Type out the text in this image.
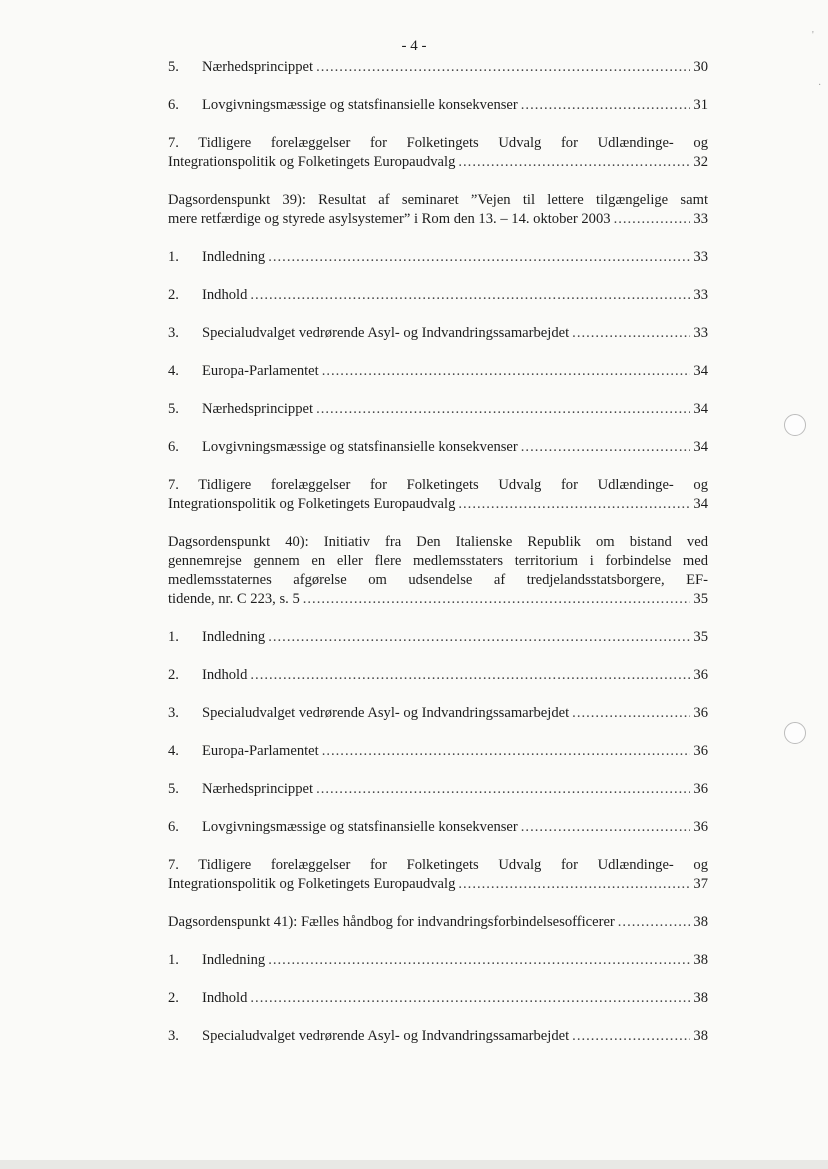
'
·
- 4 -
5.	Nærhedsprincippet .....	30
6.	Lovgivningsmæssige og statsfinansielle konsekvenser .....	31
7. Tidligere forelæggelser for Folketingets Udvalg for Udlændinge- og
Integrationspolitik og Folketingets Europaudvalg .....	32
Dagsordenspunkt 39): Resultat af seminaret ”Vejen til lettere tilgængelige samt
mere retfærdige og styrede asylsystemer” i Rom den 13. – 14. oktober 2003 .....	33
1.	Indledning .....	33
2.	Indhold .....	33
3.	Specialudvalget vedrørende Asyl- og Indvandringssamarbejdet .....	33
4.	Europa-Parlamentet .....	34
5.	Nærhedsprincippet .....	34
6.	Lovgivningsmæssige og statsfinansielle konsekvenser .....	34
7. Tidligere forelæggelser for Folketingets Udvalg for Udlændinge- og
Integrationspolitik og Folketingets Europaudvalg .....	34
Dagsordenspunkt 40): Initiativ fra Den Italienske Republik om bistand ved
gennemrejse gennem en eller flere medlemsstaters territorium i forbindelse med
medlemsstaternes afgørelse om udsendelse af tredjelandsstatsborgere, EF-
tidende, nr. C 223, s. 5 .....	35
1.	Indledning .....	35
2.	Indhold .....	36
3.	Specialudvalget vedrørende Asyl- og Indvandringssamarbejdet .....	36
4.	Europa-Parlamentet .....	36
5.	Nærhedsprincippet .....	36
6.	Lovgivningsmæssige og statsfinansielle konsekvenser .....	36
7. Tidligere forelæggelser for Folketingets Udvalg for Udlændinge- og
Integrationspolitik og Folketingets Europaudvalg .....	37
Dagsordenspunkt 41): Fælles håndbog for indvandringsforbindelsesofficerer .....	38
1.	Indledning .....	38
2.	Indhold .....	38
3.	Specialudvalget vedrørende Asyl- og Indvandringssamarbejdet .....	38
